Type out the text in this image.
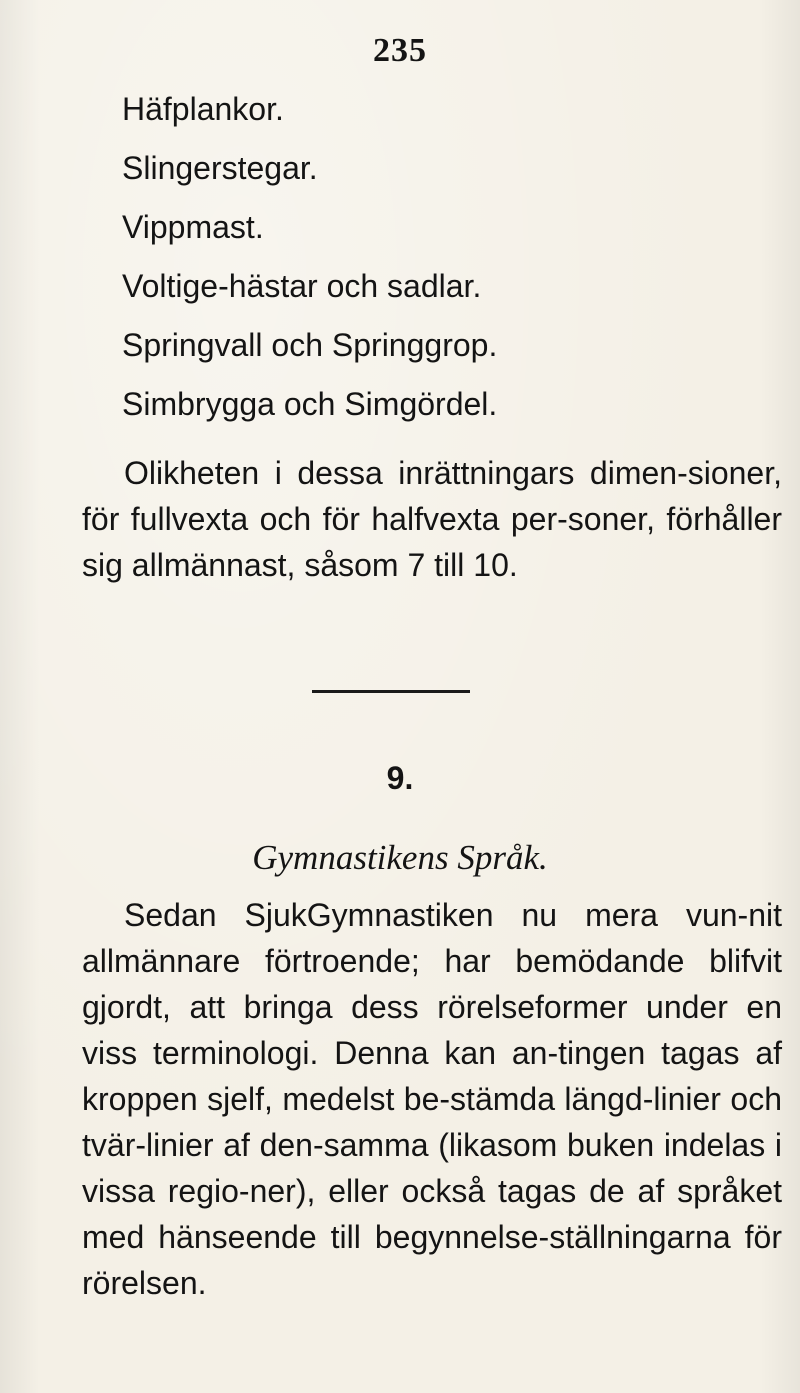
235
Häfplankor.
Slingerstegar.
Vippmast.
Voltige-hästar och sadlar.
Springvall och Springgrop.
Simbrygga och Simgördel.

Olikheten i dessa inrättningars dimen-sioner, för fullvexta och för halfvexta per-soner, förhåller sig allmännast, såsom 7 till 10.

9.
Gymnastikens Språk.

Sedan SjukGymnastiken nu mera vun-nit allmännare förtroende; har bemödande blifvit gjordt, att bringa dess rörelseformer under en viss terminologi. Denna kan an-tingen tagas af kroppen sjelf, medelst be-stämda längd-linier och tvär-linier af den-samma (likasom buken indelas i vissa regio-ner), eller också tagas de af språket med hänseende till begynnelse-ställningarna för rörelsen.
